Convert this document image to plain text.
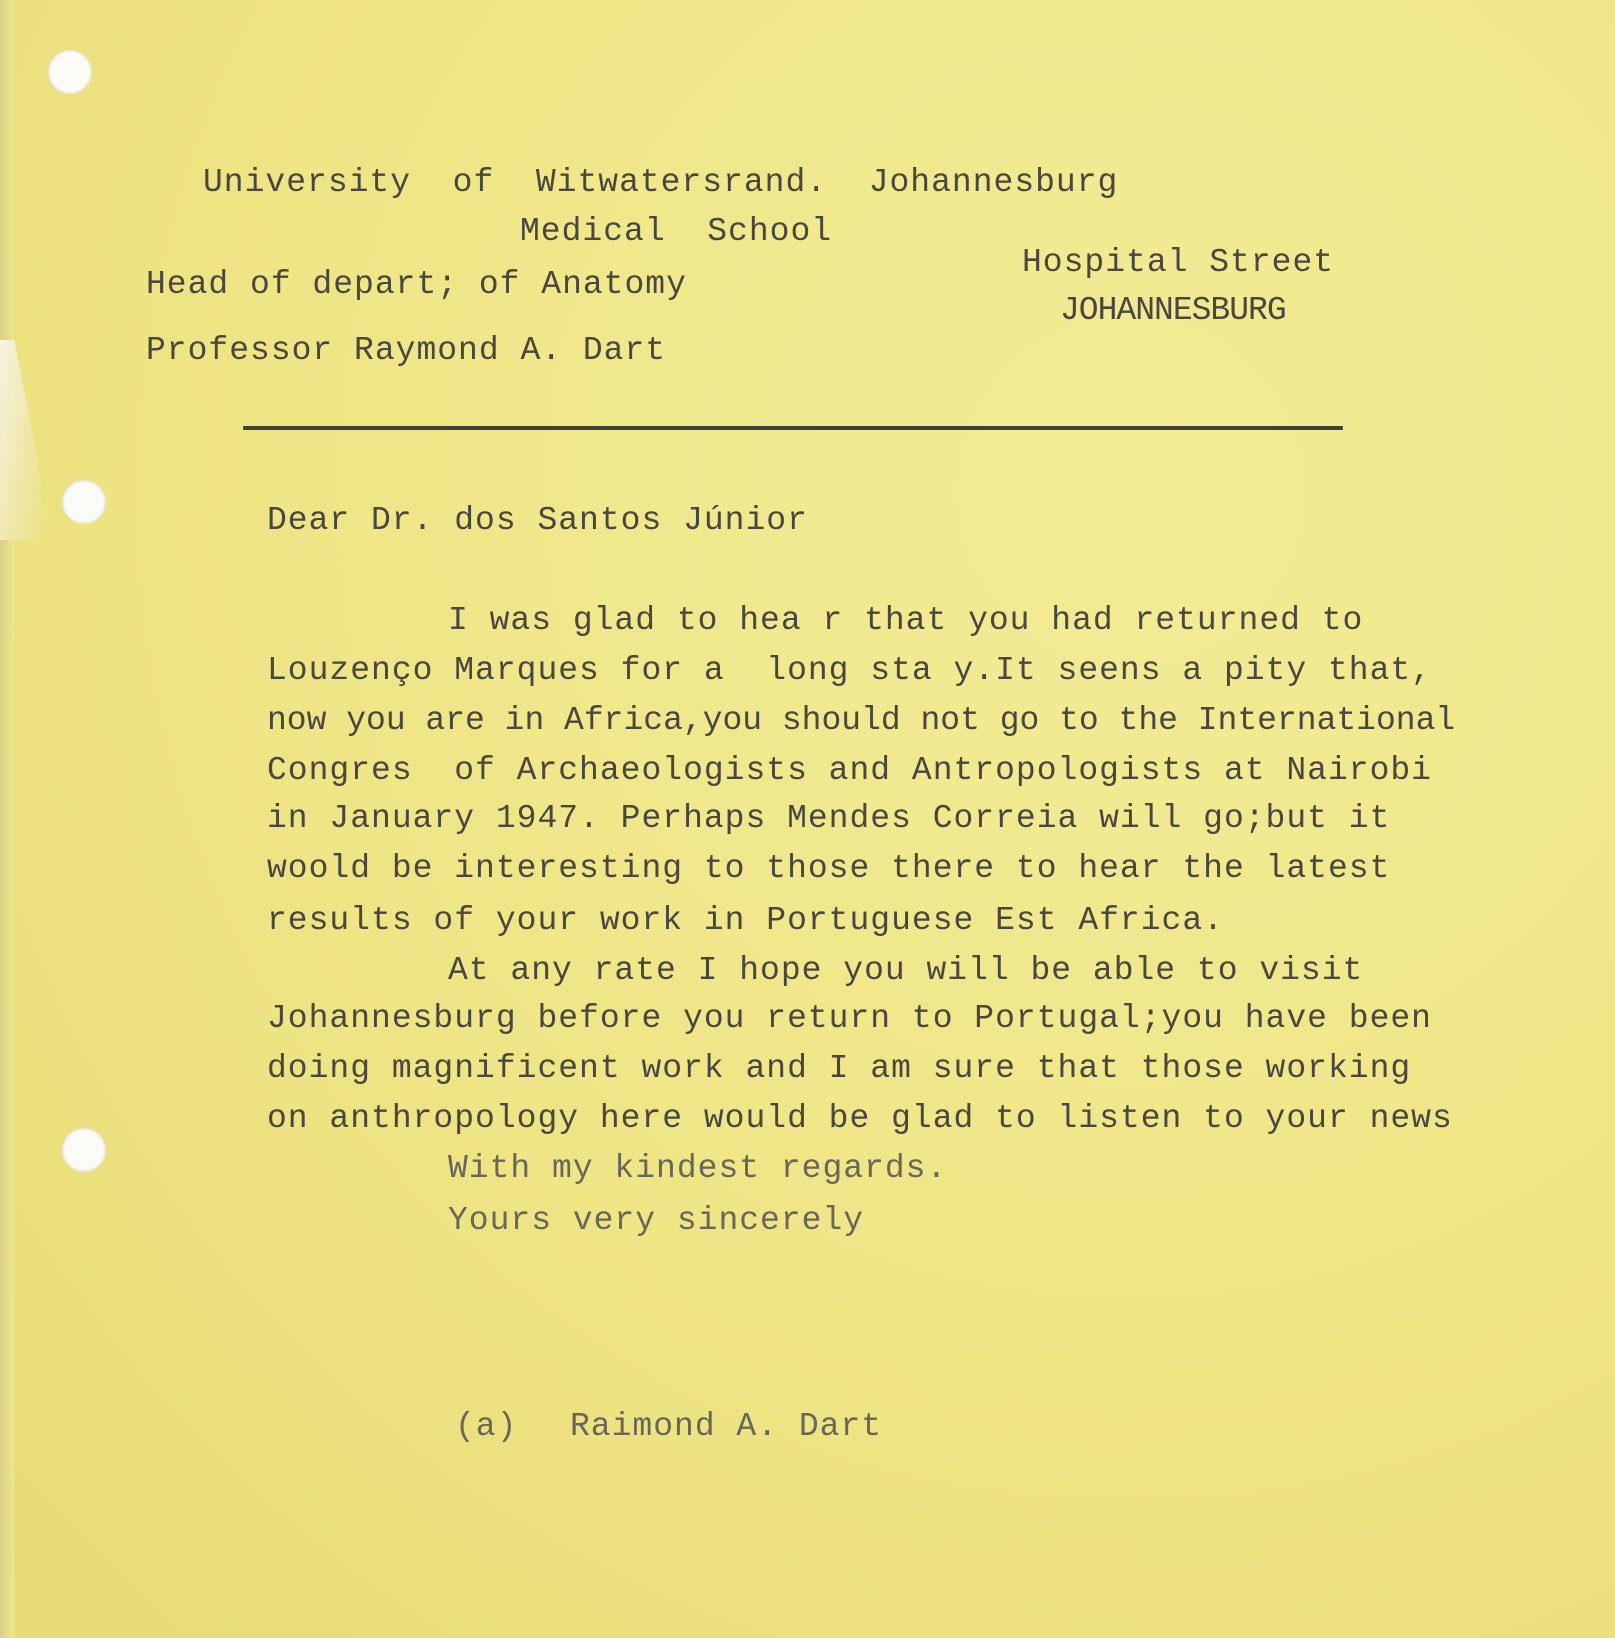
University  of  Witwatersrand.  Johannesburg

Medical  School

Head of depart; of Anatomy

Professor Raymond A. Dart

Hospital Street

JOHANNESBURG

Dear Dr. dos Santos Júnior

I was glad to hea r that you had returned to

Louzenço Marques for a  long sta y.It seens a pity that,

now you are in Africa,you should not go to the International

Congres  of Archaeologists and Antropologists at Nairobi

in January 1947. Perhaps Mendes Correia will go;but it

woold be interesting to those there to hear the latest

results of your work in Portuguese Est Africa.

At any rate I hope you will be able to visit

Johannesburg before you return to Portugal;you have been

doing magnificent work and I am sure that those working

on anthropology here would be glad to listen to your news

With my kindest regards.

Yours very sincerely

(a) Raimond A. Dart
